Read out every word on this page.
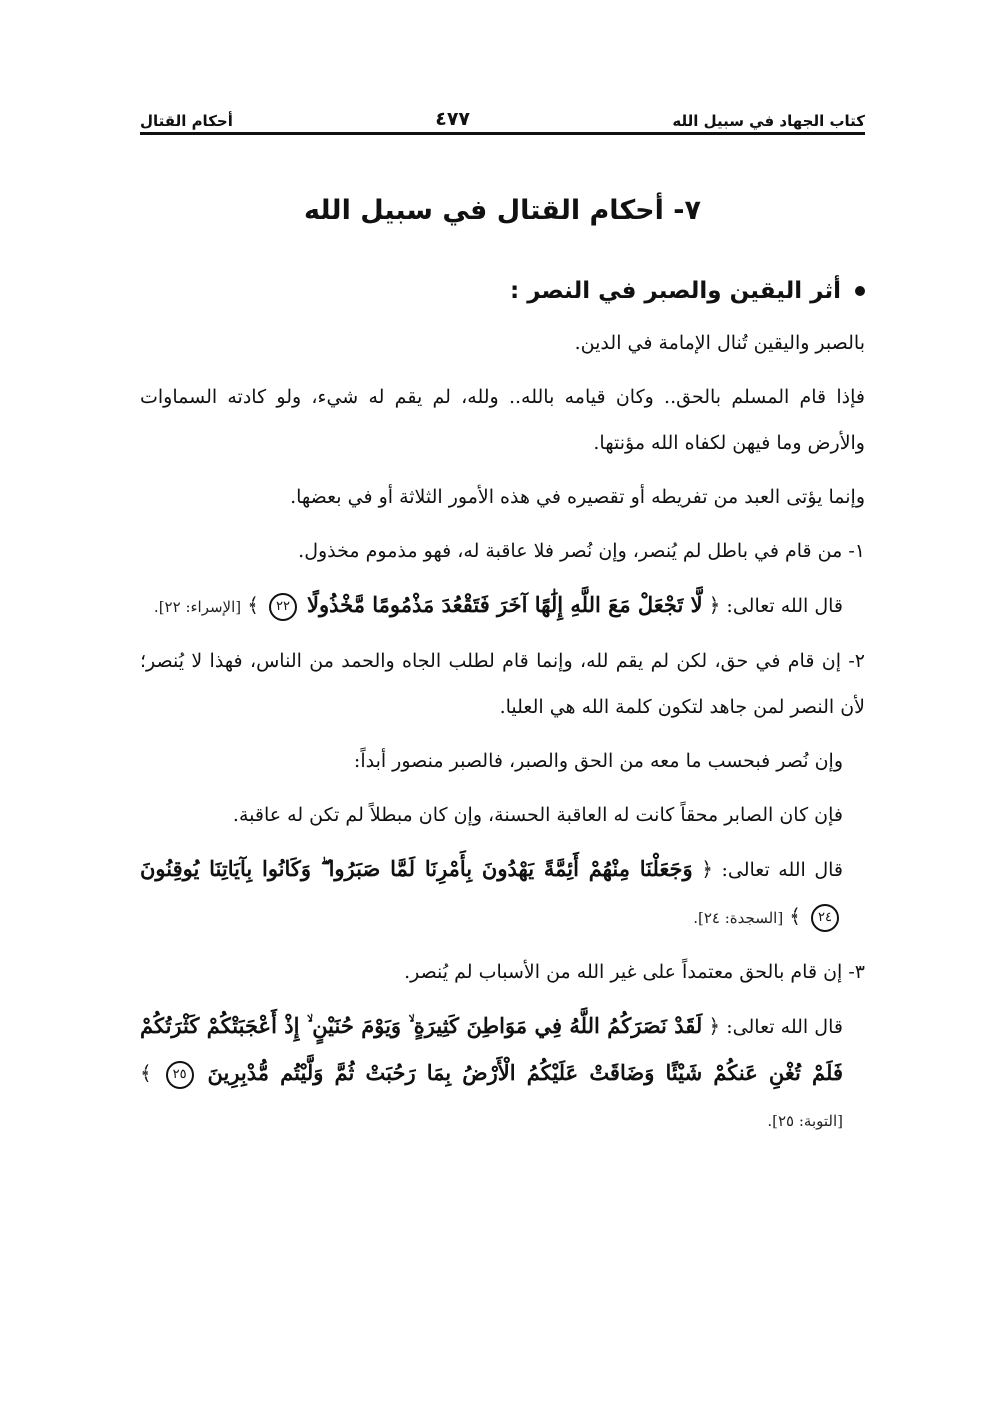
كتاب الجهاد في سبيل الله
٤٧٧
أحكام القتال
٧- أحكام القتال في سبيل الله
أثر اليقين والصبر في النصر :

بالصبر واليقين تُنال الإمامة في الدين.

فإذا قام المسلم بالحق.. وكان قيامه بالله.. ولله، لم يقم له شيء، ولو كادته السماوات والأرض وما فيهن لكفاه الله مؤنتها.

وإنما يؤتى العبد من تفريطه أو تقصيره في هذه الأمور الثلاثة أو في بعضها.

١- من قام في باطل لم يُنصر، وإن نُصر فلا عاقبة له، فهو مذموم مخذول.

قال الله تعالى: ﴿ لَّا تَجْعَلْ مَعَ اللَّهِ إِلَٰهًا آخَرَ فَتَقْعُدَ مَذْمُومًا مَّخْذُولًا ٢٢ ﴾ [الإسراء: ٢٢].

٢- إن قام في حق، لكن لم يقم لله، وإنما قام لطلب الجاه والحمد من الناس، فهذا لا يُنصر؛ لأن النصر لمن جاهد لتكون كلمة الله هي العليا.

وإن نُصر فبحسب ما معه من الحق والصبر، فالصبر منصور أبداً:

فإن كان الصابر محقاً كانت له العاقبة الحسنة، وإن كان مبطلاً لم تكن له عاقبة.

قال الله تعالى: ﴿ وَجَعَلْنَا مِنْهُمْ أَئِمَّةً يَهْدُونَ بِأَمْرِنَا لَمَّا صَبَرُوا ۖ وَكَانُوا بِآيَاتِنَا يُوقِنُونَ ٢٤ ﴾ [السجدة: ٢٤].

٣- إن قام بالحق معتمداً على غير الله من الأسباب لم يُنصر.

قال الله تعالى: ﴿ لَقَدْ نَصَرَكُمُ اللَّهُ فِي مَوَاطِنَ كَثِيرَةٍ ۙ وَيَوْمَ حُنَيْنٍ ۙ إِذْ أَعْجَبَتْكُمْ كَثْرَتُكُمْ فَلَمْ تُغْنِ عَنكُمْ شَيْئًا وَضَاقَتْ عَلَيْكُمُ الْأَرْضُ بِمَا رَحُبَتْ ثُمَّ وَلَّيْتُم مُّدْبِرِينَ ٢٥ ﴾ [التوبة: ٢٥].
